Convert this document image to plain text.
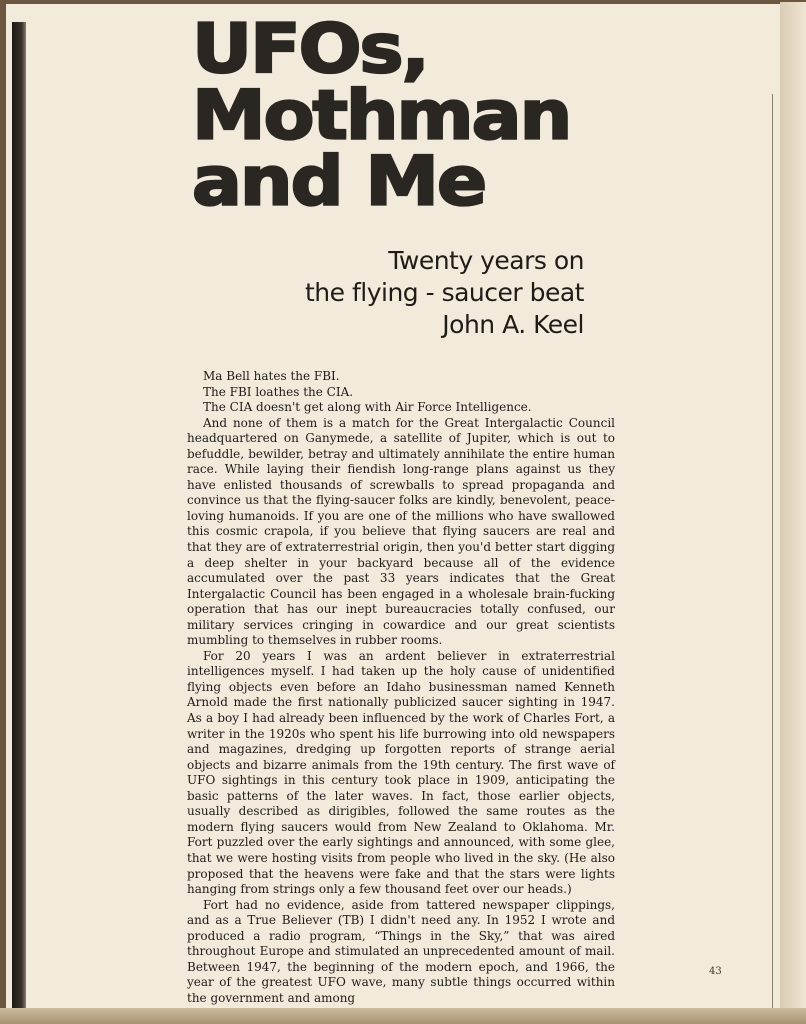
UFOs,
Mothman
and Me
Twenty years on
the flying - saucer beat
John A. Keel

Ma Bell hates the FBI.

The FBI loathes the CIA.

The CIA doesn't get along with Air Force Intelligence.

And none of them is a match for the Great Intergalactic Council headquartered on Ganymede, a satellite of Jupiter, which is out to befuddle, bewilder, betray and ultimately annihilate the entire human race. While laying their fiendish long-range plans against us they have enlisted thousands of screwballs to spread propaganda and convince us that the flying-saucer folks are kindly, benevolent, peace-loving humanoids. If you are one of the millions who have swallowed this cosmic crapola, if you believe that flying saucers are real and that they are of extraterrestrial origin, then you'd better start digging a deep shelter in your backyard because all of the evidence accumulated over the past 33 years indicates that the Great Intergalactic Council has been engaged in a wholesale brain-fucking operation that has our inept bureaucracies totally confused, our military services cringing in cowardice and our great scientists mumbling to themselves in rubber rooms.

For 20 years I was an ardent believer in extraterrestrial intelligences myself. I had taken up the holy cause of unidentified flying objects even before an Idaho businessman named Kenneth Arnold made the first nationally publicized saucer sighting in 1947. As a boy I had already been influenced by the work of Charles Fort, a writer in the 1920s who spent his life burrowing into old newspapers and magazines, dredging up forgotten reports of strange aerial objects and bizarre animals from the 19th century. The first wave of UFO sightings in this century took place in 1909, anticipating the basic patterns of the later waves. In fact, those earlier objects, usually described as dirigibles, followed the same routes as the modern flying saucers would from New Zealand to Oklahoma. Mr. Fort puzzled over the early sightings and announced, with some glee, that we were hosting visits from people who lived in the sky. (He also proposed that the heavens were fake and that the stars were lights hanging from strings only a few thousand feet over our heads.)

Fort had no evidence, aside from tattered newspaper clippings, and as a True Believer (TB) I didn't need any. In 1952 I wrote and produced a radio program, “Things in the Sky,” that was aired throughout Europe and stimulated an unprecedented amount of mail. Between 1947, the beginning of the modern epoch, and 1966, the year of the greatest UFO wave, many subtle things occurred within the government and among

43
